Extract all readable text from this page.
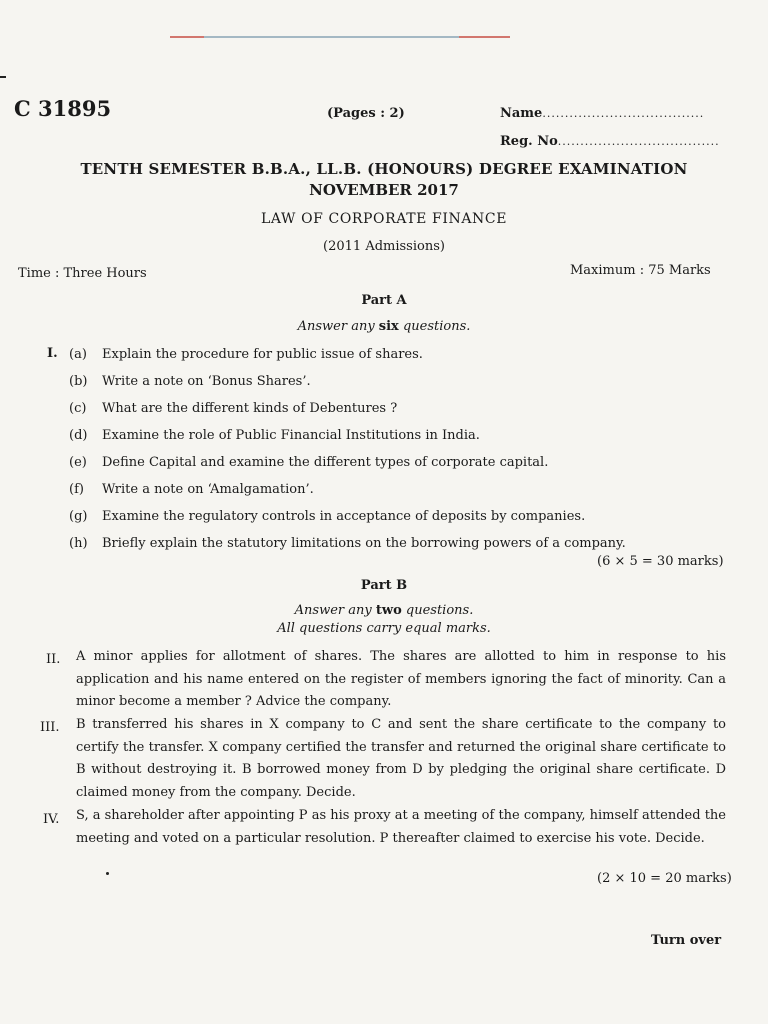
C 31895	(Pages : 2)	Name....................................
Reg. No....................................
TENTH SEMESTER B.B.A., LL.B. (HONOURS) DEGREE EXAMINATION
NOVEMBER 2017
LAW OF CORPORATE FINANCE
(2011 Admissions)
Time : Three Hours	Maximum : 75 Marks
Part A
Answer any six questions.
I. (a) Explain the procedure for public issue of shares.
(b) Write a note on ‘Bonus Shares’.
(c) What are the different kinds of Debentures ?
(d) Examine the role of Public Financial Institutions in India.
(e) Define Capital and examine the different types of corporate capital.
(f) Write a note on ‘Amalgamation’.
(g) Examine the regulatory controls in acceptance of deposits by companies.
(h) Briefly explain the statutory limitations on the borrowing powers of a company.
(6 × 5 = 30 marks)
Part B
Answer any two questions.
All questions carry equal marks.
II. A minor applies for allotment of shares. The shares are allotted to him in response to his application and his name entered on the register of members ignoring the fact of minority. Can a minor become a member ? Advice the company.
III. B transferred his shares in X company to C and sent the share certificate to the company to certify the transfer. X company certified the transfer and returned the original share certificate to B without destroying it. B borrowed money from D by pledging the original share certificate. D claimed money from the company. Decide.
IV. S, a shareholder after appointing P as his proxy at a meeting of the company, himself attended the meeting and voted on a particular resolution. P thereafter claimed to exercise his vote. Decide.
(2 × 10 = 20 marks)
Turn over
